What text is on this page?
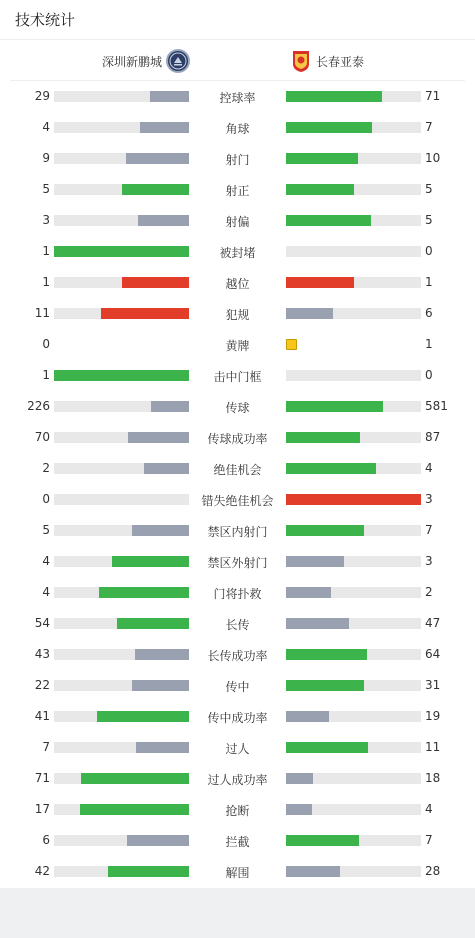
技术统计
深圳新鹏城	长春亚泰
29	控球率	71
4	角球	7
9	射门	10
5	射正	5
3	射偏	5
1	被封堵	0
1	越位	1
11	犯规	6
0	黄牌	1
1	击中门框	0
226	传球	581
70	传球成功率	87
2	绝佳机会	4
0	错失绝佳机会	3
5	禁区内射门	7
4	禁区外射门	3
4	门将扑救	2
54	长传	47
43	长传成功率	64
22	传中	31
41	传中成功率	19
7	过人	11
71	过人成功率	18
17	抢断	4
6	拦截	7
42	解围	28
